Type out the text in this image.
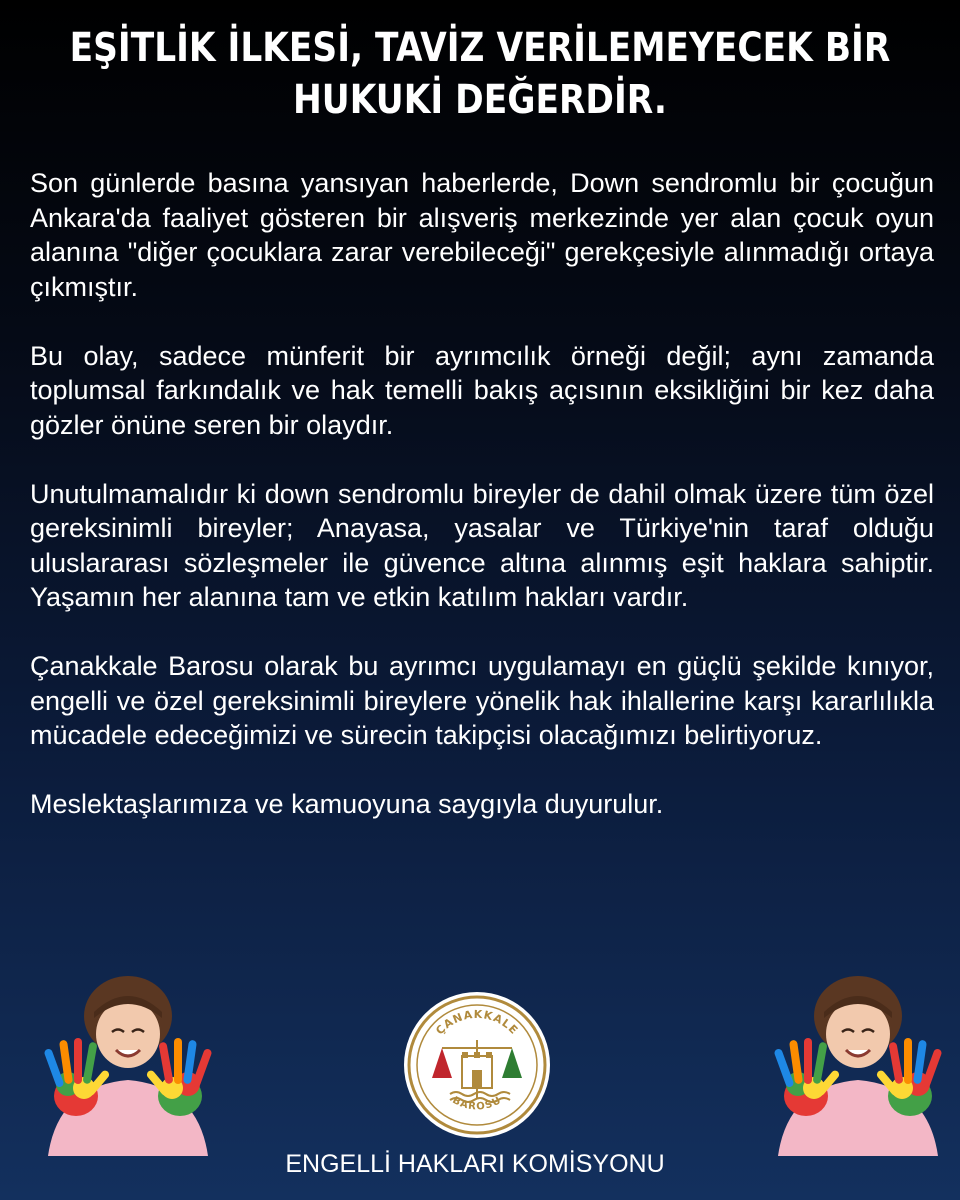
EŞİTLİK İLKESİ, TAVİZ VERİLEMEYECEK BİR HUKUKİ DEĞERDİR.

Son günlerde basına yansıyan haberlerde, Down sendromlu bir çocuğun Ankara'da faaliyet gösteren bir alışveriş merkezinde yer alan çocuk oyun alanına "diğer çocuklara zarar verebileceği" gerekçesiyle alınmadığı ortaya çıkmıştır.

Bu olay, sadece münferit bir ayrımcılık örneği değil; aynı zamanda toplumsal farkındalık ve hak temelli bakış açısının eksikliğini bir kez daha gözler önüne seren bir olaydır.

Unutulmamalıdır ki down sendromlu bireyler de dahil olmak üzere tüm özel gereksinimli bireyler; Anayasa, yasalar ve Türkiye'nin taraf olduğu uluslararası sözleşmeler ile güvence altına alınmış eşit haklara sahiptir. Yaşamın her alanına tam ve etkin katılım hakları vardır.

Çanakkale Barosu olarak bu ayrımcı uygulamayı en güçlü şekilde kınıyor, engelli ve özel gereksinimli bireylere yönelik hak ihlallerine karşı kararlılıkla mücadele edeceğimizi ve sürecin takipçisi olacağımızı belirtiyoruz.

Meslektaşlarımıza ve kamuoyuna saygıyla duyurulur.

ÇANAKKALE
BAROSU
ENGELLİ HAKLARI KOMİSYONU
